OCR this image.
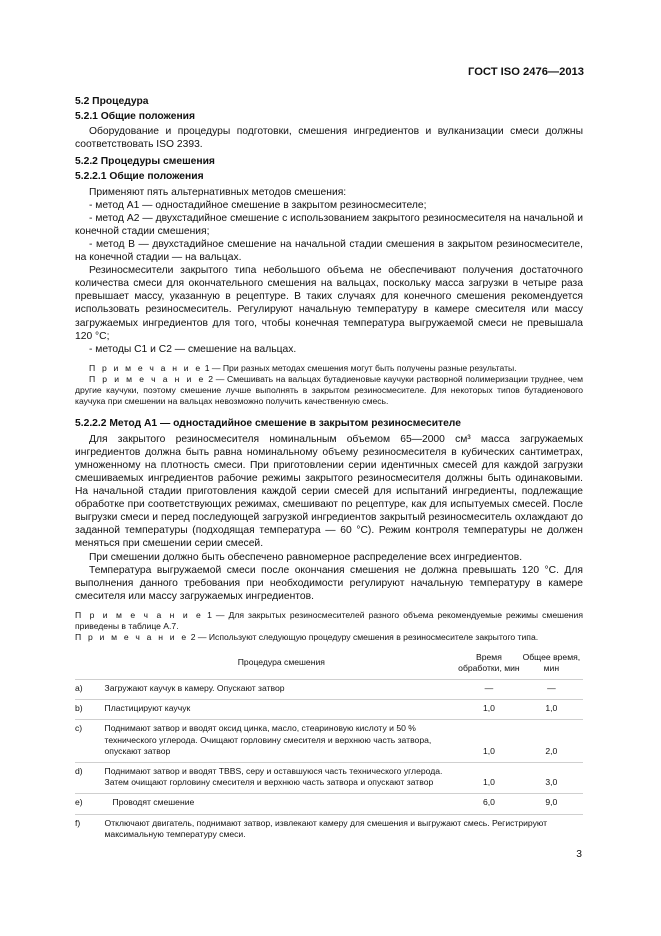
ГОСТ ISO 2476—2013
5.2 Процедура
5.2.1 Общие положения

Оборудование и процедуры подготовки, смешения ингредиентов и вулканизации смеси должны соответствовать ISO 2393.

5.2.2 Процедуры смешения
5.2.2.1 Общие положения

Применяют пять альтернативных методов смешения:

- метод А1 — одностадийное смешение в закрытом резиносмесителе;

- метод А2 — двухстадийное смешение с использованием закрытого резиносмесителя на начальной и конечной стадии смешения;

- метод В — двухстадийное смешение на начальной стадии смешения в закрытом резиносмесителе, на конечной стадии — на вальцах.

Резиносмесители закрытого типа небольшого объема не обеспечивают получения достаточного количества смеси для окончательного смешения на вальцах, поскольку масса загрузки в четыре раза превышает массу, указанную в рецептуре. В таких случаях для конечного смешения рекомендуется использовать резиносмеситель. Регулируют начальную температуру в камере смесителя или массу загружаемых ингредиентов для того, чтобы конечная температура выгружаемой смеси не превышала 120 °С;

- методы С1 и С2 — смешение на вальцах.

П р и м е ч а н и е 1 — При разных методах смешения могут быть получены разные результаты.

П р и м е ч а н и е 2 — Смешивать на вальцах бутадиеновые каучуки растворной полимеризации труднее, чем другие каучуки, поэтому смешение лучше выполнять в закрытом резиносмесителе. Для некоторых типов бутадиенового каучука при смешении на вальцах невозможно получить качественную смесь.

5.2.2.2 Метод А1 — одностадийное смешение в закрытом резиносмесителе

Для закрытого резиносмесителя номинальным объемом 65—2000 см³ масса загружаемых ингредиентов должна быть равна номинальному объему резиносмесителя в кубических сантиметрах, умноженному на плотность смеси. При приготовлении серии идентичных смесей для каждой загрузки смешиваемых ингредиентов рабочие режимы закрытого резиносмесителя должны быть одинаковыми. На начальной стадии приготовления каждой серии смесей для испытаний ингредиенты, подлежащие обработке при соответствующих режимах, смешивают по рецептуре, как для испытуемых смесей. После выгрузки смеси и перед последующей загрузкой ингредиентов закрытый резиносмеситель охлаждают до заданной температуры (подходящая температура — 60 °С). Режим контроля температуры не должен меняться при смешении серии смесей.

При смешении должно быть обеспечено равномерное распределение всех ингредиентов.

Температура выгружаемой смеси после окончания смешения не должна превышать 120 °С. Для выполнения данного требования при необходимости регулируют начальную температуру в камере смесителя или массу загружаемых ингредиентов.

П р и м е ч а н и е 1 — Для закрытых резиносмесителей разного объема рекомендуемые режимы смешения приведены в таблице А.7.

П р и м е ч а н и е 2 — Используют следующую процедуру смешения в резиносмесителе закрытого типа.

	Процедура смешения	Время обработки, мин	Общее время, мин
a)	Загружают каучук в камеру. Опускают затвор	—	—
b)	Пластицируют каучук	1,0	1,0
c)	Поднимают затвор и вводят оксид цинка, масло, стеариновую кислоту и 50 % технического углерода. Очищают горловину смесителя и верхнюю часть затвора, опускают затвор	1,0	2,0
d)	Поднимают затвор и вводят TBBS, серу и оставшуюся часть технического углерода. Затем очищают горловину смесителя и верхнюю часть затвора и опускают затвор	1,0	3,0
e)	Проводят смешение	6,0	9,0
f)	Отключают двигатель, поднимают затвор, извлекают камеру для смешения и выгружают смесь. Регистрируют максимальную температуру смеси.		
3
